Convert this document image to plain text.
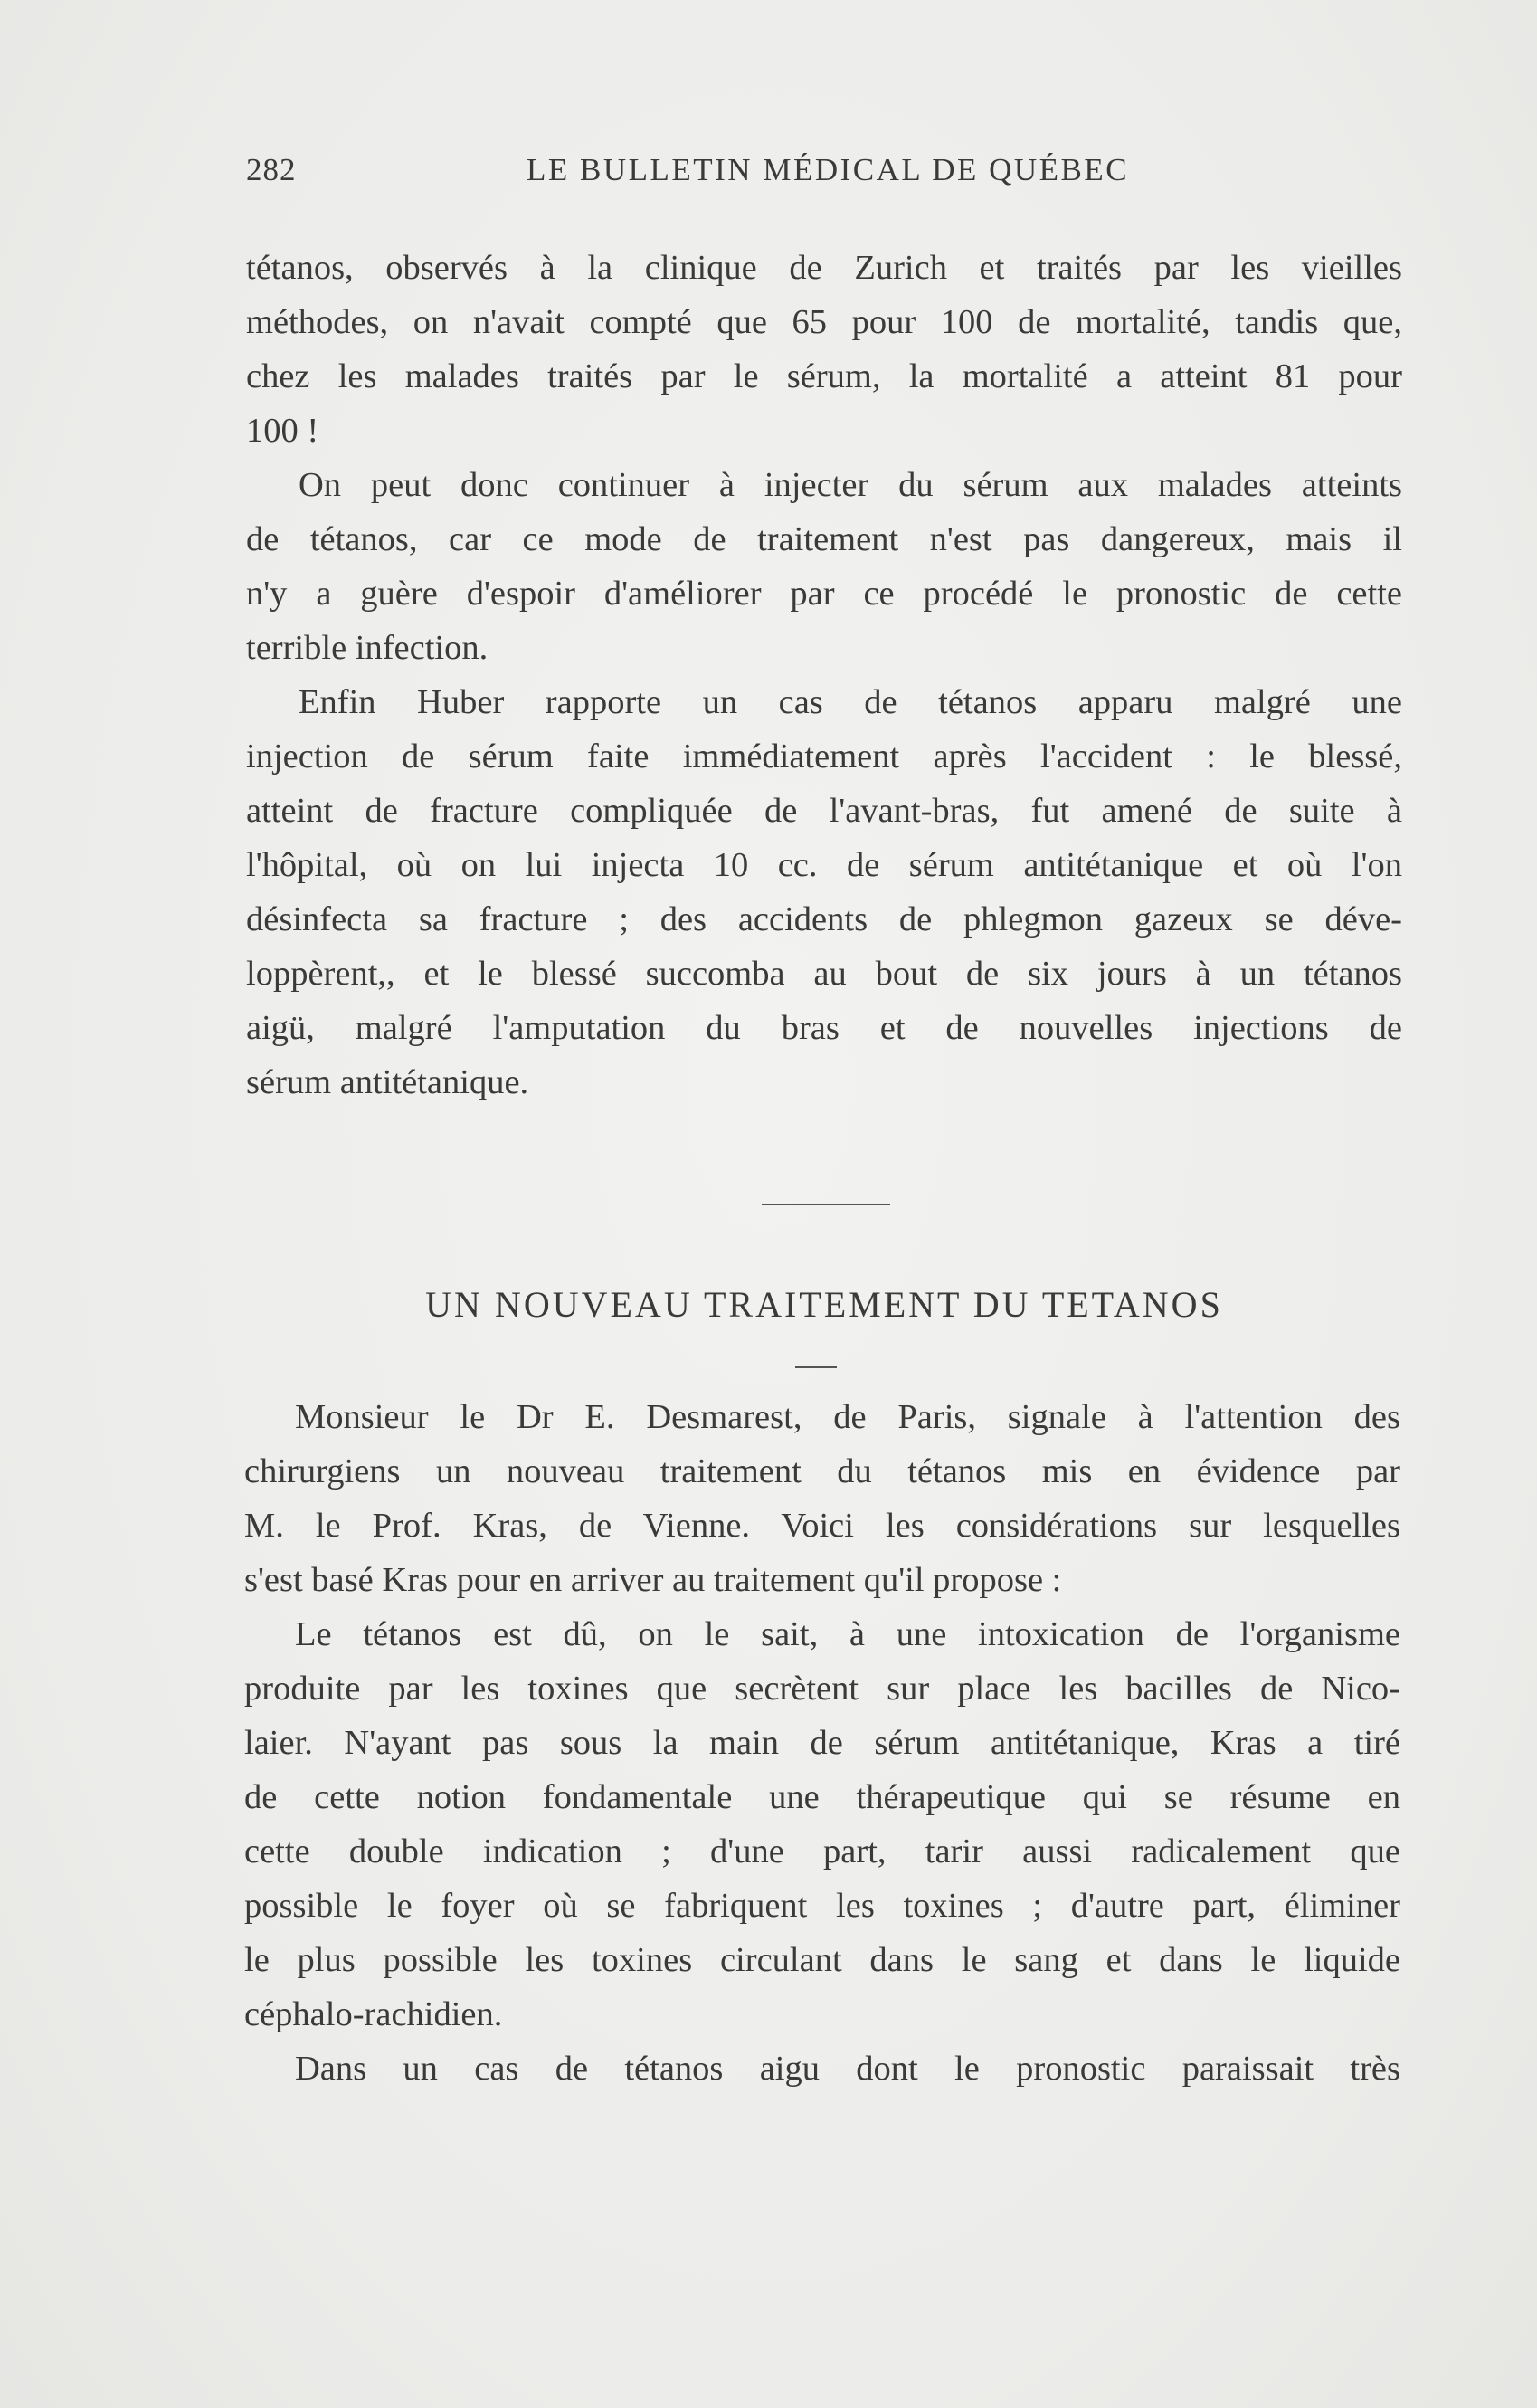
282	LE BULLETIN MÉDICAL DE QUÉBEC
tétanos, observés à la clinique de Zurich et traités par les vieilles
méthodes, on n'avait compté que 65 pour 100 de mortalité, tandis que,
chez les malades traités par le sérum, la mortalité a atteint 81 pour
100 !
On peut donc continuer à injecter du sérum aux malades atteints
de tétanos, car ce mode de traitement n'est pas dangereux, mais il
n'y a guère d'espoir d'améliorer par ce procédé le pronostic de cette
terrible infection.
Enfin Huber rapporte un cas de tétanos apparu malgré une
injection de sérum faite immédiatement après l'accident : le blessé,
atteint de fracture compliquée de l'avant-bras, fut amené de suite à
l'hôpital, où on lui injecta 10 cc. de sérum antitétanique et où l'on
désinfecta sa fracture ; des accidents de phlegmon gazeux se déve-
loppèrent,, et le blessé succomba au bout de six jours à un tétanos
aigü, malgré l'amputation du bras et de nouvelles injections de
sérum antitétanique.
UN NOUVEAU TRAITEMENT DU TETANOS
Monsieur le Dr E. Desmarest, de Paris, signale à l'attention des
chirurgiens un nouveau traitement du tétanos mis en évidence par
M. le Prof. Kras, de Vienne. Voici les considérations sur lesquelles
s'est basé Kras pour en arriver au traitement qu'il propose :
Le tétanos est dû, on le sait, à une intoxication de l'organisme
produite par les toxines que secrètent sur place les bacilles de Nico-
laier. N'ayant pas sous la main de sérum antitétanique, Kras a tiré
de cette notion fondamentale une thérapeutique qui se résume en
cette double indication ; d'une part, tarir aussi radicalement que
possible le foyer où se fabriquent les toxines ; d'autre part, éliminer
le plus possible les toxines circulant dans le sang et dans le liquide
céphalo-rachidien.
Dans un cas de tétanos aigu dont le pronostic paraissait très
